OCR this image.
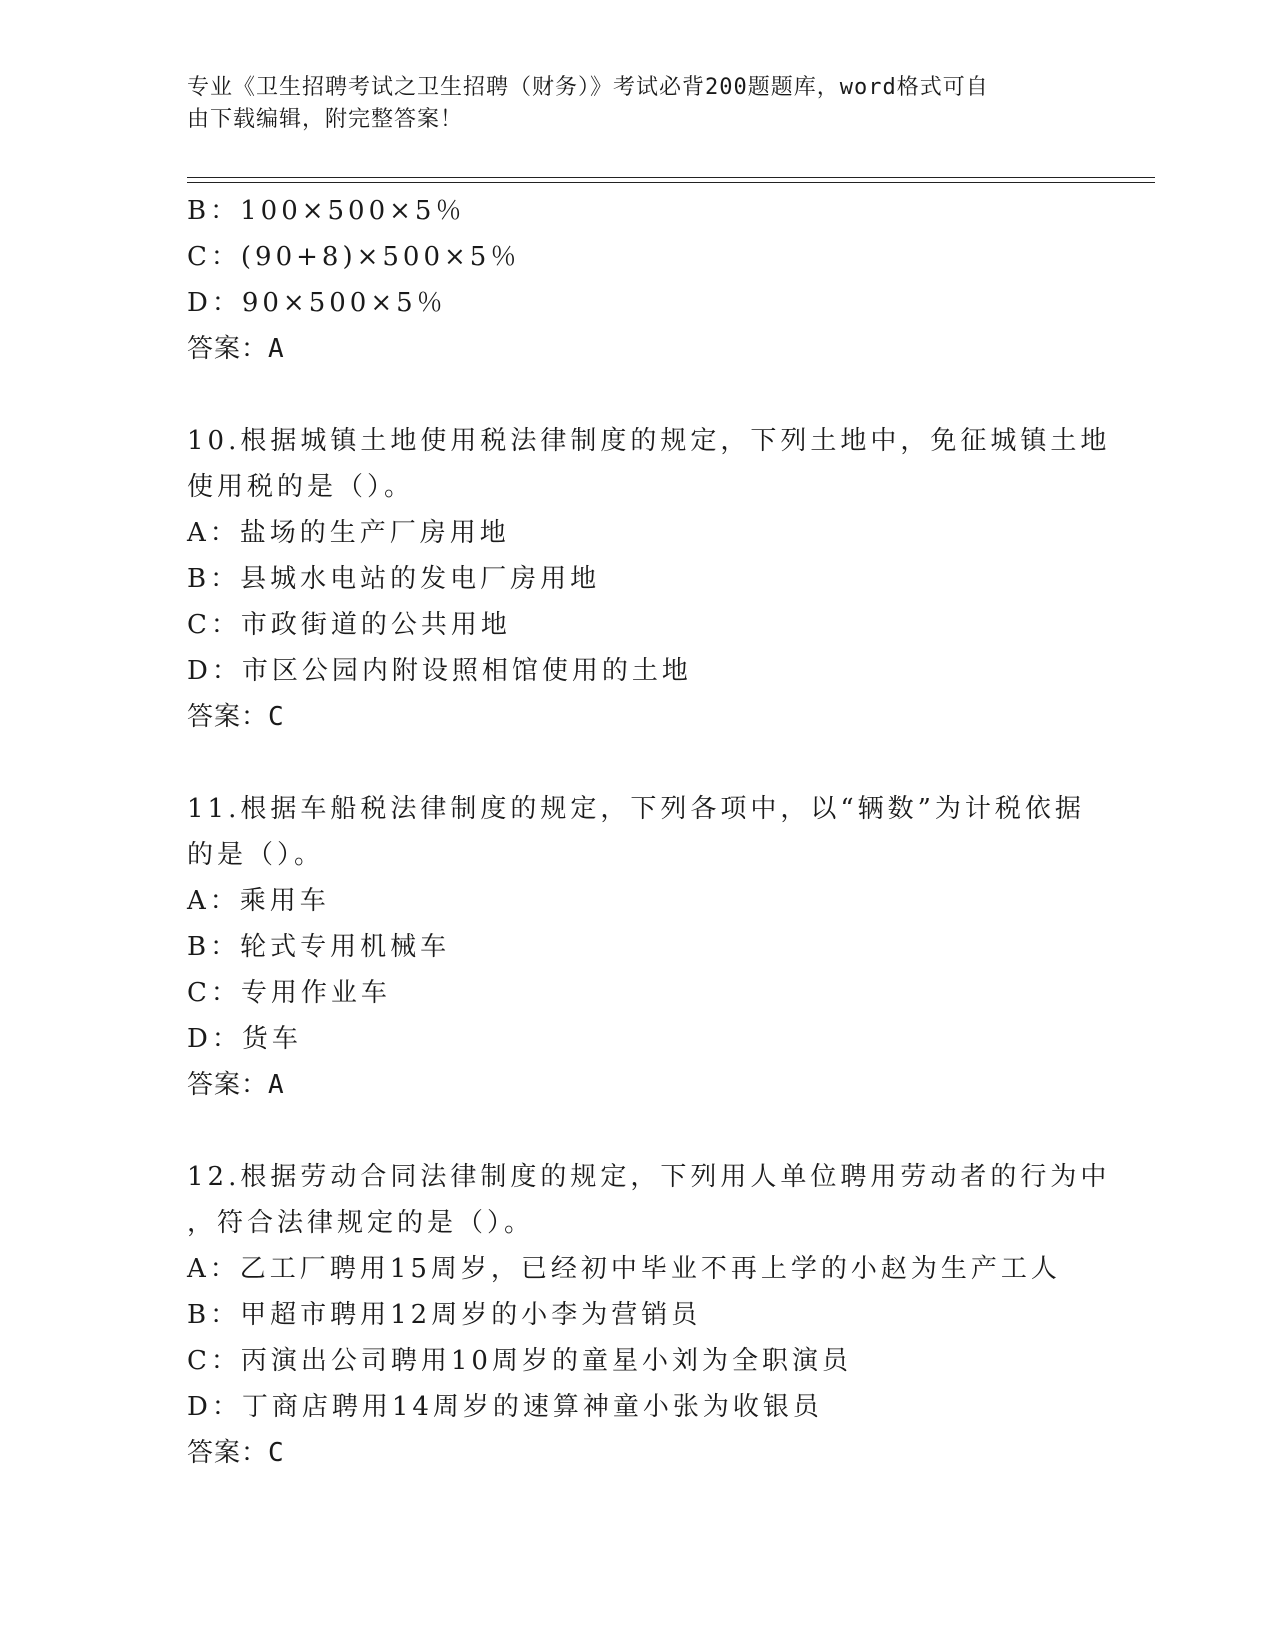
专业《卫生招聘考试之卫生招聘（财务）》考试必背200题题库，word格式可自
由下载编辑，附完整答案！
B：100×500×5％
C：(90+8)×500×5％
D：90×500×5％
答案：A
10.根据城镇土地使用税法律制度的规定，下列土地中，免征城镇土地
使用税的是（）。
A：盐场的生产厂房用地
B：县城水电站的发电厂房用地
C：市政街道的公共用地
D：市区公园内附设照相馆使用的土地
答案：C
11.根据车船税法律制度的规定，下列各项中，以“辆数”为计税依据
的是（）。
A：乘用车
B：轮式专用机械车
C：专用作业车
D：货车
答案：A
12.根据劳动合同法律制度的规定，下列用人单位聘用劳动者的行为中
，符合法律规定的是（）。
A：乙工厂聘用15周岁，已经初中毕业不再上学的小赵为生产工人
B：甲超市聘用12周岁的小李为营销员
C：丙演出公司聘用10周岁的童星小刘为全职演员
D：丁商店聘用14周岁的速算神童小张为收银员
答案：C
